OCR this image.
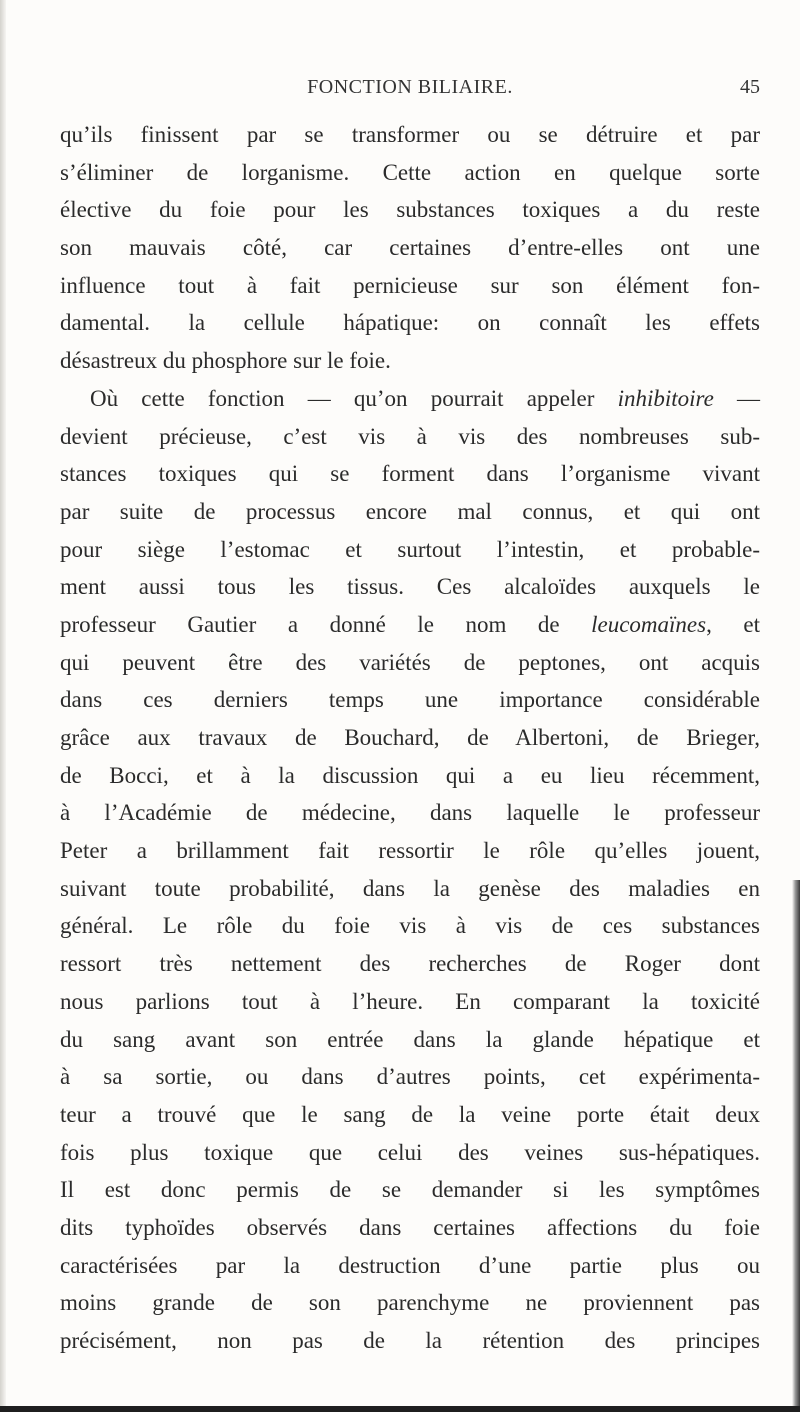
FONCTION BILIAIRE.	45
qu’ils finissent par se transformer ou se détruire et par
s’éliminer de lorganisme. Cette action en quelque sorte
élective du foie pour les substances toxiques a du reste
son mauvais côté, car certaines d’entre-elles ont une
influence tout à fait pernicieuse sur son élément fon-
damental. la cellule hápatique: on connaît les effets
désastreux du phosphore sur le foie.
Où cette fonction — qu’on pourrait appeler inhibitoire —
devient précieuse, c’est vis à vis des nombreuses sub-
stances toxiques qui se forment dans l’organisme vivant
par suite de processus encore mal connus, et qui ont
pour siège l’estomac et surtout l’intestin, et probable-
ment aussi tous les tissus. Ces alcaloïdes auxquels le
professeur Gautier a donné le nom de leucomaïnes, et
qui peuvent être des variétés de peptones, ont acquis
dans ces derniers temps une importance considérable
grâce aux travaux de Bouchard, de Albertoni, de Brieger,
de Bocci, et à la discussion qui a eu lieu récemment,
à l’Académie de médecine, dans laquelle le professeur
Peter a brillamment fait ressortir le rôle qu’elles jouent,
suivant toute probabilité, dans la genèse des maladies en
général. Le rôle du foie vis à vis de ces substances
ressort très nettement des recherches de Roger dont
nous parlions tout à l’heure. En comparant la toxicité
du sang avant son entrée dans la glande hépatique et
à sa sortie, ou dans d’autres points, cet expérimenta-
teur a trouvé que le sang de la veine porte était deux
fois plus toxique que celui des veines sus-hépatiques.
Il est donc permis de se demander si les symptômes
dits typhoïdes observés dans certaines affections du foie
caractérisées par la destruction d’une partie plus ou
moins grande de son parenchyme ne proviennent pas
précisément, non pas de la rétention des principes
